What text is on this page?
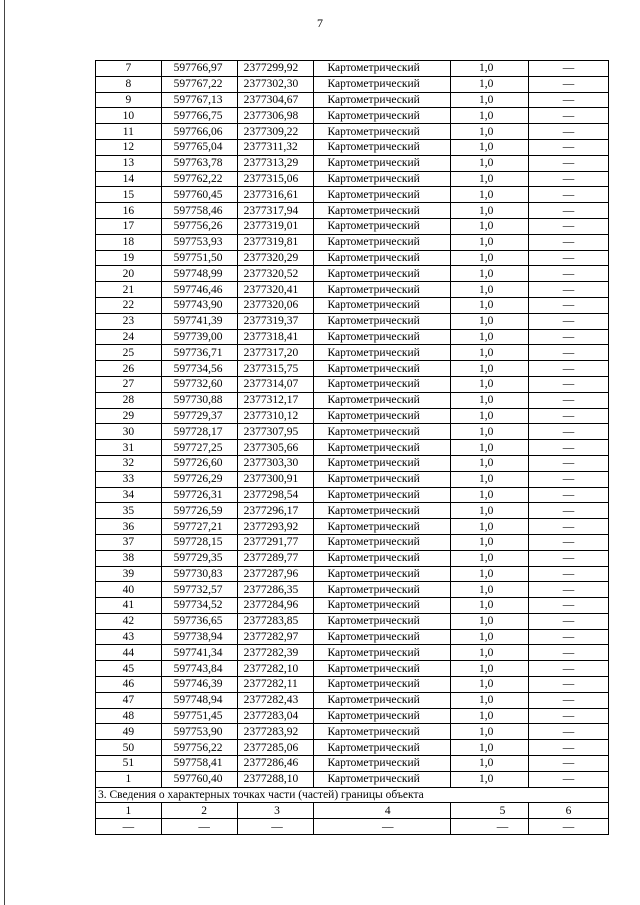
7
7	597766,97	2377299,92	Картометрический	1,0	—
8	597767,22	2377302,30	Картометрический	1,0	—
9	597767,13	2377304,67	Картометрический	1,0	—
10	597766,75	2377306,98	Картометрический	1,0	—
11	597766,06	2377309,22	Картометрический	1,0	—
12	597765,04	2377311,32	Картометрический	1,0	—
13	597763,78	2377313,29	Картометрический	1,0	—
14	597762,22	2377315,06	Картометрический	1,0	—
15	597760,45	2377316,61	Картометрический	1,0	—
16	597758,46	2377317,94	Картометрический	1,0	—
17	597756,26	2377319,01	Картометрический	1,0	—
18	597753,93	2377319,81	Картометрический	1,0	—
19	597751,50	2377320,29	Картометрический	1,0	—
20	597748,99	2377320,52	Картометрический	1,0	—
21	597746,46	2377320,41	Картометрический	1,0	—
22	597743,90	2377320,06	Картометрический	1,0	—
23	597741,39	2377319,37	Картометрический	1,0	—
24	597739,00	2377318,41	Картометрический	1,0	—
25	597736,71	2377317,20	Картометрический	1,0	—
26	597734,56	2377315,75	Картометрический	1,0	—
27	597732,60	2377314,07	Картометрический	1,0	—
28	597730,88	2377312,17	Картометрический	1,0	—
29	597729,37	2377310,12	Картометрический	1,0	—
30	597728,17	2377307,95	Картометрический	1,0	—
31	597727,25	2377305,66	Картометрический	1,0	—
32	597726,60	2377303,30	Картометрический	1,0	—
33	597726,29	2377300,91	Картометрический	1,0	—
34	597726,31	2377298,54	Картометрический	1,0	—
35	597726,59	2377296,17	Картометрический	1,0	—
36	597727,21	2377293,92	Картометрический	1,0	—
37	597728,15	2377291,77	Картометрический	1,0	—
38	597729,35	2377289,77	Картометрический	1,0	—
39	597730,83	2377287,96	Картометрический	1,0	—
40	597732,57	2377286,35	Картометрический	1,0	—
41	597734,52	2377284,96	Картометрический	1,0	—
42	597736,65	2377283,85	Картометрический	1,0	—
43	597738,94	2377282,97	Картометрический	1,0	—
44	597741,34	2377282,39	Картометрический	1,0	—
45	597743,84	2377282,10	Картометрический	1,0	—
46	597746,39	2377282,11	Картометрический	1,0	—
47	597748,94	2377282,43	Картометрический	1,0	—
48	597751,45	2377283,04	Картометрический	1,0	—
49	597753,90	2377283,92	Картометрический	1,0	—
50	597756,22	2377285,06	Картометрический	1,0	—
51	597758,41	2377286,46	Картометрический	1,0	—
1	597760,40	2377288,10	Картометрический	1,0	—
3. Сведения о характерных точках части (частей) границы объекта					
1	2	3	4	5	6
—	—	—	—	—	—
